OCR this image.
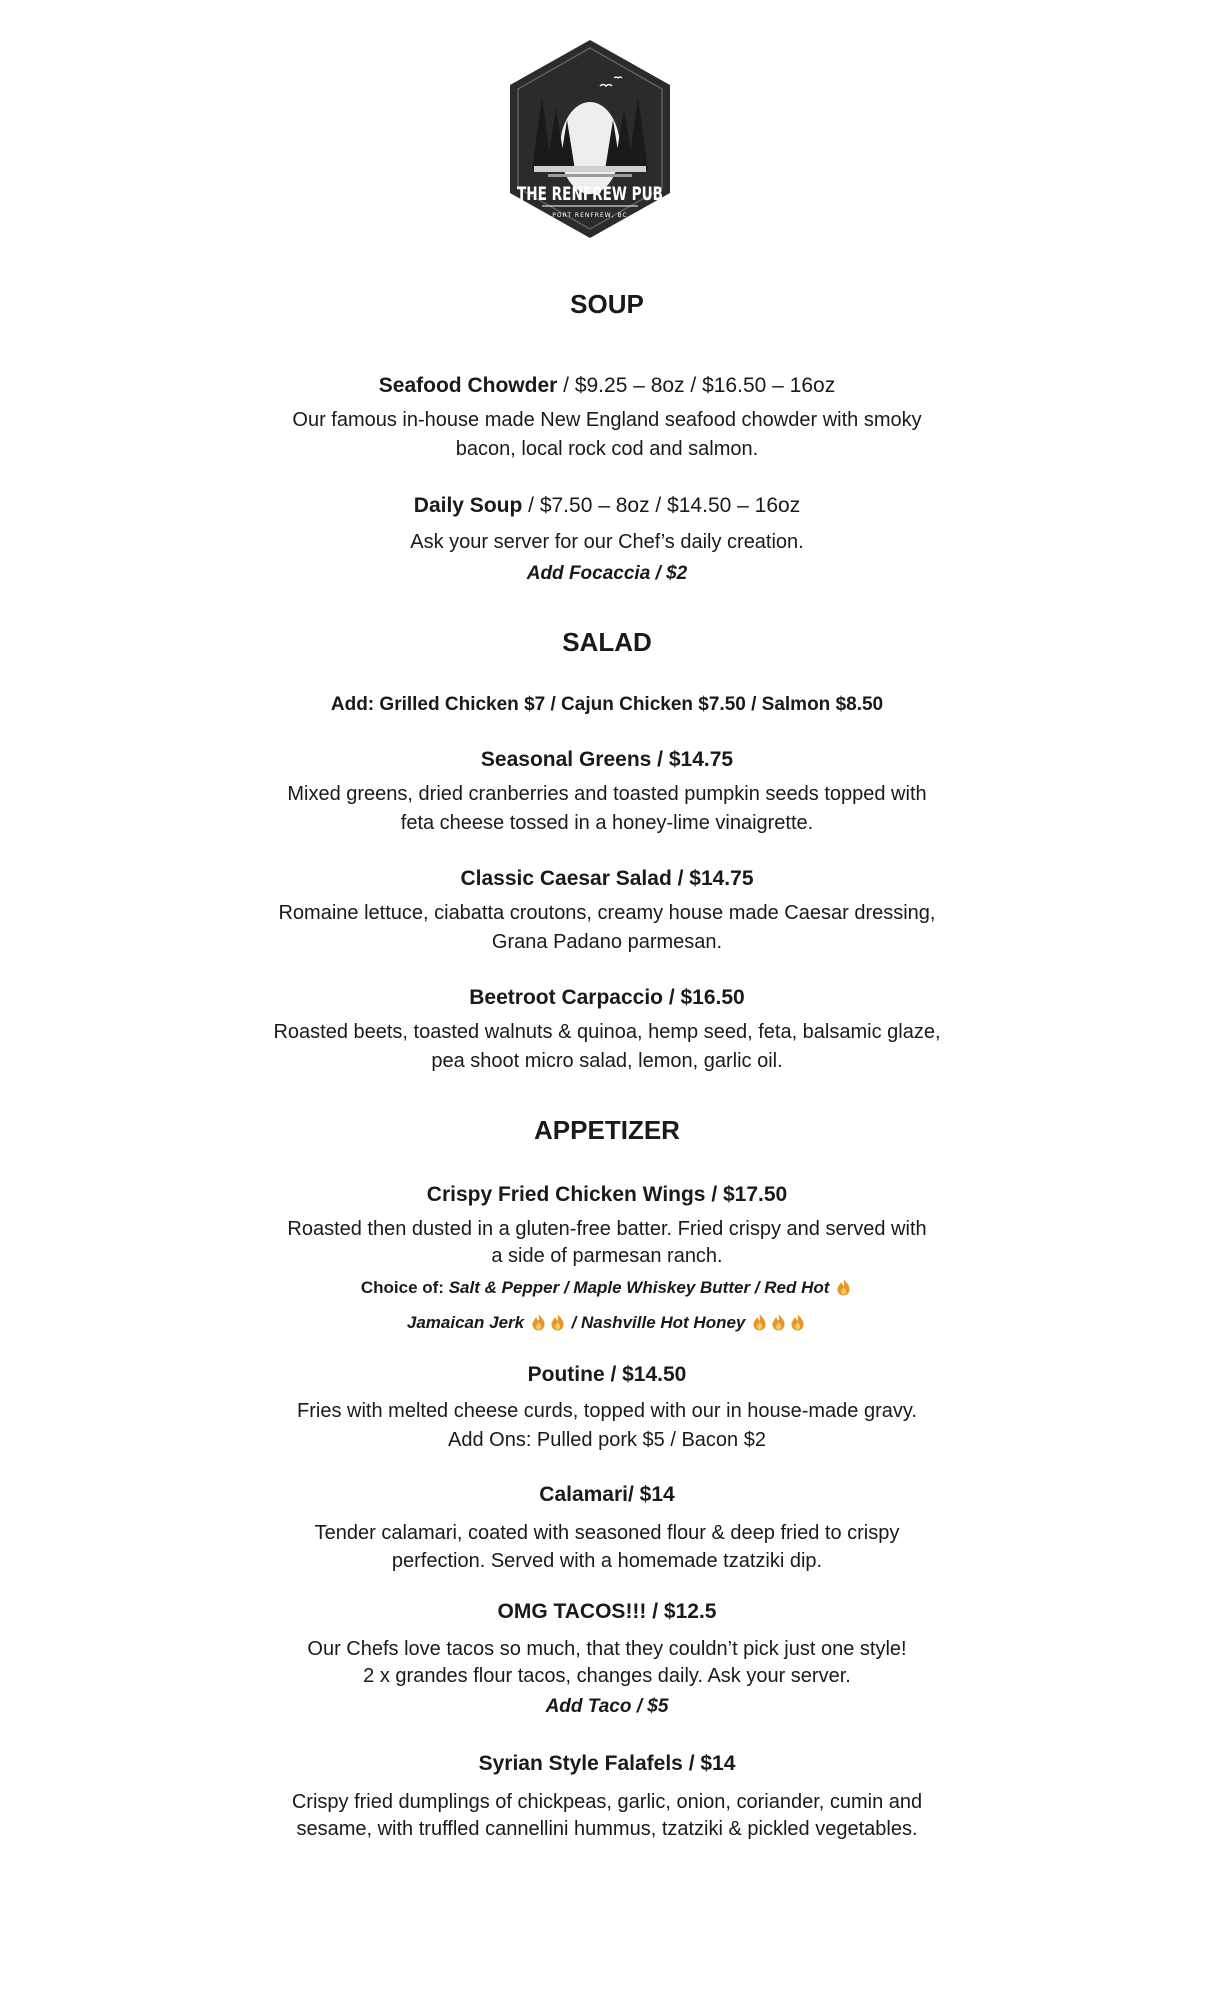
THE RENFREW PUB
PORT RENFREW, BC
SOUP
Seafood Chowder / $9.25 – 8oz / $16.50 – 16oz
Our famous in-house made New England seafood chowder with smoky
bacon, local rock cod and salmon.
Daily Soup / $7.50 – 8oz / $14.50 – 16oz
Ask your server for our Chef’s daily creation.
Add Focaccia / $2
SALAD
Add: Grilled Chicken $7 / Cajun Chicken $7.50 / Salmon $8.50
Seasonal Greens / $14.75
Mixed greens, dried cranberries and toasted pumpkin seeds topped with
feta cheese tossed in a honey-lime vinaigrette.
Classic Caesar Salad / $14.75
Romaine lettuce, ciabatta croutons, creamy house made Caesar dressing,
Grana Padano parmesan.
Beetroot Carpaccio / $16.50
Roasted beets, toasted walnuts & quinoa, hemp seed, feta, balsamic glaze,
pea shoot micro salad, lemon, garlic oil.
APPETIZER
Crispy Fried Chicken Wings / $17.50
Roasted then dusted in a gluten-free batter. Fried crispy and served with
a side of parmesan ranch.
Choice of: Salt & Pepper / Maple Whiskey Butter / Red Hot
Jamaican Jerk	/ Nashville Hot Honey
Poutine / $14.50
Fries with melted cheese curds, topped with our in house-made gravy.
Add Ons: Pulled pork $5 / Bacon $2
Calamari/ $14
Tender calamari, coated with seasoned flour & deep fried to crispy
perfection. Served with a homemade tzatziki dip.
OMG TACOS!!! / $12.5
Our Chefs love tacos so much, that they couldn’t pick just one style!
2 x grandes flour tacos, changes daily. Ask your server.
Add Taco / $5
Syrian Style Falafels / $14
Crispy fried dumplings of chickpeas, garlic, onion, coriander, cumin and
sesame, with truffled cannellini hummus, tzatziki & pickled vegetables.
